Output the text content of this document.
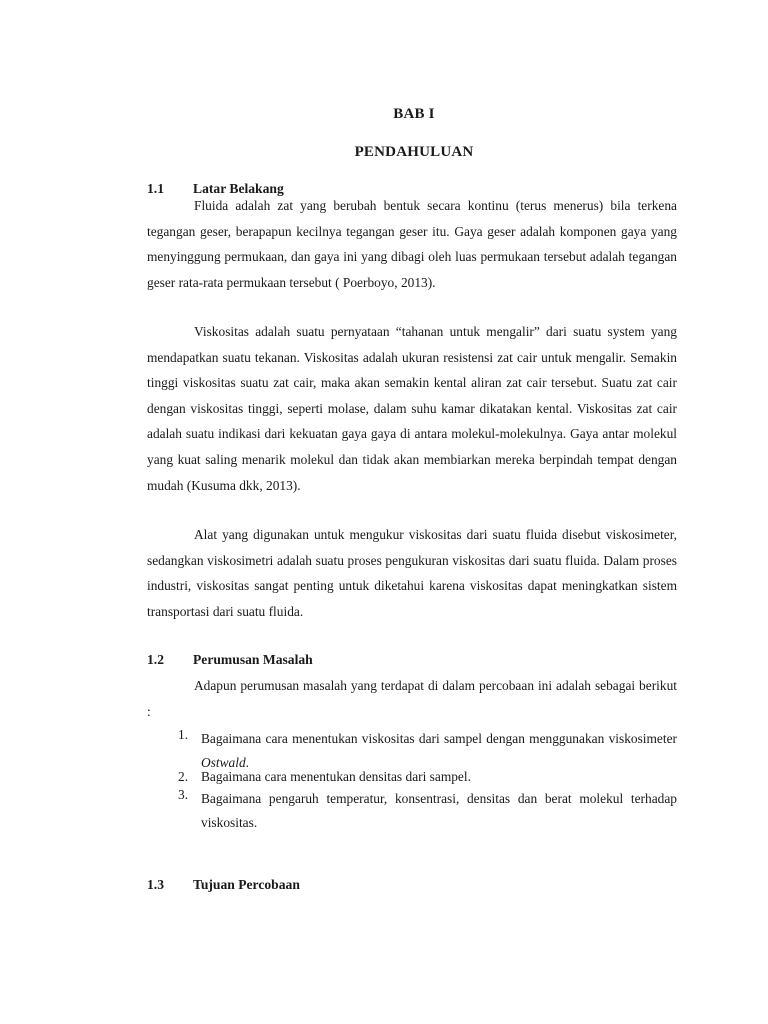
BAB I
PENDAHULUAN
1.1 Latar Belakang

Fluida adalah zat yang berubah bentuk secara kontinu (terus menerus) bila terkena tegangan geser, berapapun kecilnya tegangan geser itu. Gaya geser adalah komponen gaya yang menyinggung permukaan, dan gaya ini yang dibagi oleh luas permukaan tersebut adalah tegangan geser rata-rata permukaan tersebut ( Poerboyo, 2013).

Viskositas adalah suatu pernyataan “tahanan untuk mengalir” dari suatu system yang mendapatkan suatu tekanan. Viskositas adalah ukuran resistensi zat cair untuk mengalir. Semakin tinggi viskositas suatu zat cair, maka akan semakin kental aliran zat cair tersebut. Suatu zat cair dengan viskositas tinggi, seperti molase, dalam suhu kamar dikatakan kental. Viskositas zat cair adalah suatu indikasi dari kekuatan gaya gaya di antara molekul-molekulnya. Gaya antar molekul yang kuat saling menarik molekul dan tidak akan membiarkan mereka berpindah tempat dengan mudah (Kusuma dkk, 2013).

Alat yang digunakan untuk mengukur viskositas dari suatu fluida disebut viskosimeter, sedangkan viskosimetri adalah suatu proses pengukuran viskositas dari suatu fluida. Dalam proses industri, viskositas sangat penting untuk diketahui karena viskositas dapat meningkatkan sistem transportasi dari suatu fluida.

1.2 Perumusan Masalah

Adapun perumusan masalah yang terdapat di dalam percobaan ini adalah sebagai berikut :

1. Bagaimana cara menentukan viskositas dari sampel dengan menggunakan viskosimeter Ostwald.
2. Bagaimana cara menentukan densitas dari sampel.
3. Bagaimana pengaruh temperatur, konsentrasi, densitas dan berat molekul terhadap viskositas.
1.3 Tujuan Percobaan
